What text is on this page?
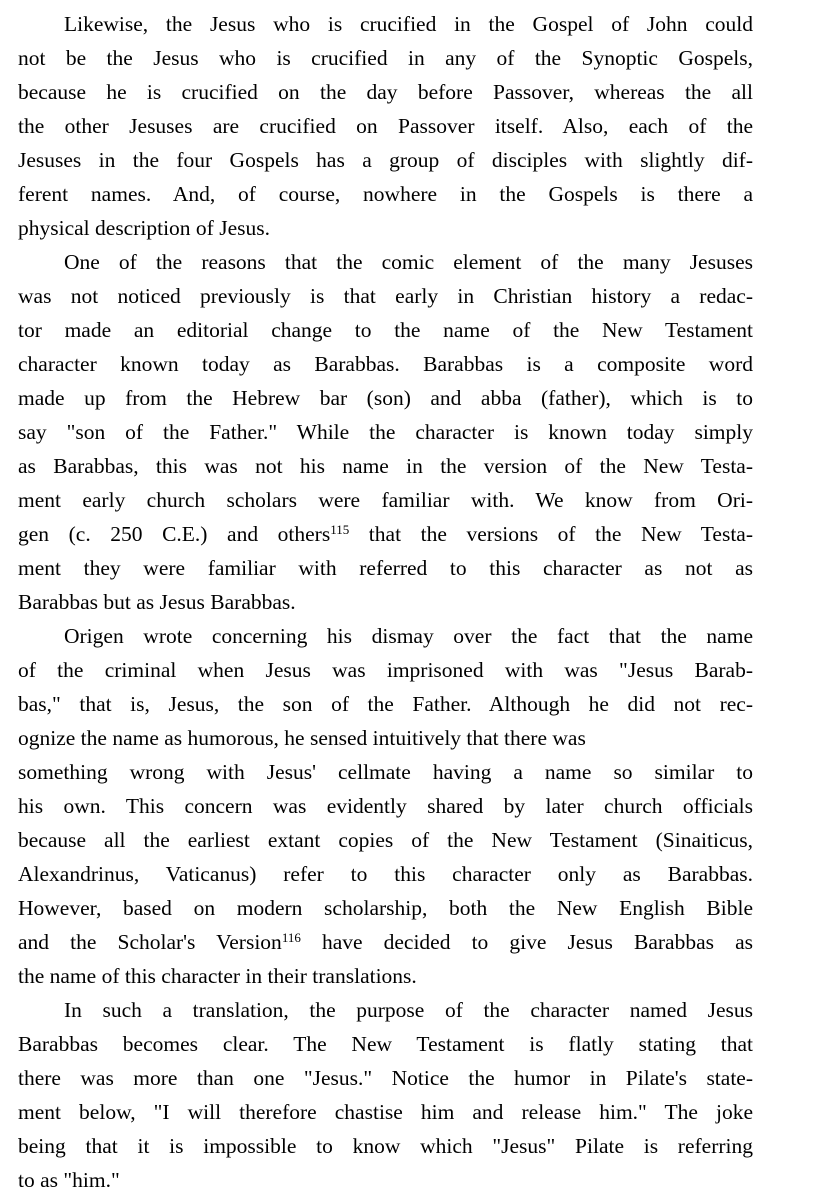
Likewise, the Jesus who is crucified in the Gospel of John could
not be the Jesus who is crucified in any of the Synoptic Gospels,
because he is crucified on the day before Passover, whereas the all
the other Jesuses are crucified on Passover itself. Also, each of the
Jesuses in the four Gospels has a group of disciples with slightly dif-
ferent names. And, of course, nowhere in the Gospels is there a
physical description of Jesus.
One of the reasons that the comic element of the many Jesuses
was not noticed previously is that early in Christian history a redac-
tor made an editorial change to the name of the New Testament
character known today as Barabbas. Barabbas is a composite word
made up from the Hebrew bar (son) and abba (father), which is to
say "son of the Father." While the character is known today simply
as Barabbas, this was not his name in the version of the New Testa-
ment early church scholars were familiar with. We know from Ori-
gen (c. 250 C.E.) and others$^{115}$ that the versions of the New Testa-
ment they were familiar with referred to this character as not as
Barabbas but as Jesus Barabbas.
Origen wrote concerning his dismay over the fact that the name
of the criminal when Jesus was imprisoned with was "Jesus Barab-
bas," that is, Jesus, the son of the Father. Although he did not rec-
ognize the name as humorous, he sensed intuitively that there was
something wrong with Jesus' cellmate having a name so similar to
his own. This concern was evidently shared by later church officials
because all the earliest extant copies of the New Testament (Sinaiticus,
Alexandrinus, Vaticanus) refer to this character only as Barabbas.
However, based on modern scholarship, both the New English Bible
and the Scholar's Version$^{116}$ have decided to give Jesus Barabbas as
the name of this character in their translations.
In such a translation, the purpose of the character named Jesus
Barabbas becomes clear. The New Testament is flatly stating that
there was more than one "Jesus." Notice the humor in Pilate's state-
ment below, "I will therefore chastise him and release him." The joke
being that it is impossible to know which "Jesus" Pilate is referring
to as "him."
